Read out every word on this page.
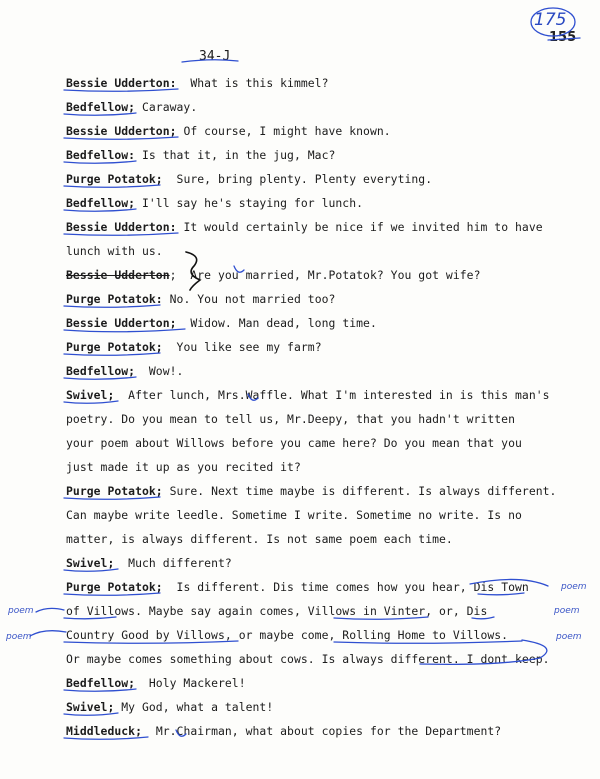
175
155
34-J
Bessie Udderton:  What is this kimmel?
Bedfellow; Caraway.
Bessie Udderton; Of course, I might have known.
Bedfellow: Is that it, in the jug, Mac?
Purge Potatok;  Sure, bring plenty. Plenty everyting.
Bedfellow; I'll say he's staying for lunch.
Bessie Udderton: It would certainly be nice if we invited him to have
lunch with us.
Bessie Udderton;  Are you married, Mr.Potatok? You got wife?
Purge Potatok: No. You not married too?
Bessie Udderton;  Widow. Man dead, long time.
Purge Potatok;  You like see my farm?
Bedfellow;  Wow!.
Swivel;  After lunch, Mrs.Waffle. What I'm interested in is this man's
poetry. Do you mean to tell us, Mr.Deepy, that you hadn't written
your poem about Willows before you came here? Do you mean that you
just made it up as you recited it?
Purge Potatok; Sure. Next time maybe is different. Is always different.
Can maybe write leedle. Sometime I write. Sometime no write. Is no
matter, is always different. Is not same poem each time.
Swivel;  Much different?
Purge Potatok;  Is different. Dis time comes how you hear, Dis Town
of Villows. Maybe say again comes, Villows in Vinter, or, Dis
Country Good by Villows, or maybe come, Rolling Home to Villows.
Or maybe comes something about cows. Is always different. I dont keep.
Bedfellow;  Holy Mackerel!
Swivel; My God, what a talent!
Middleduck;  Mr.Chairman, what about copies for the Department?
poem
poem
poem
poem
poem
